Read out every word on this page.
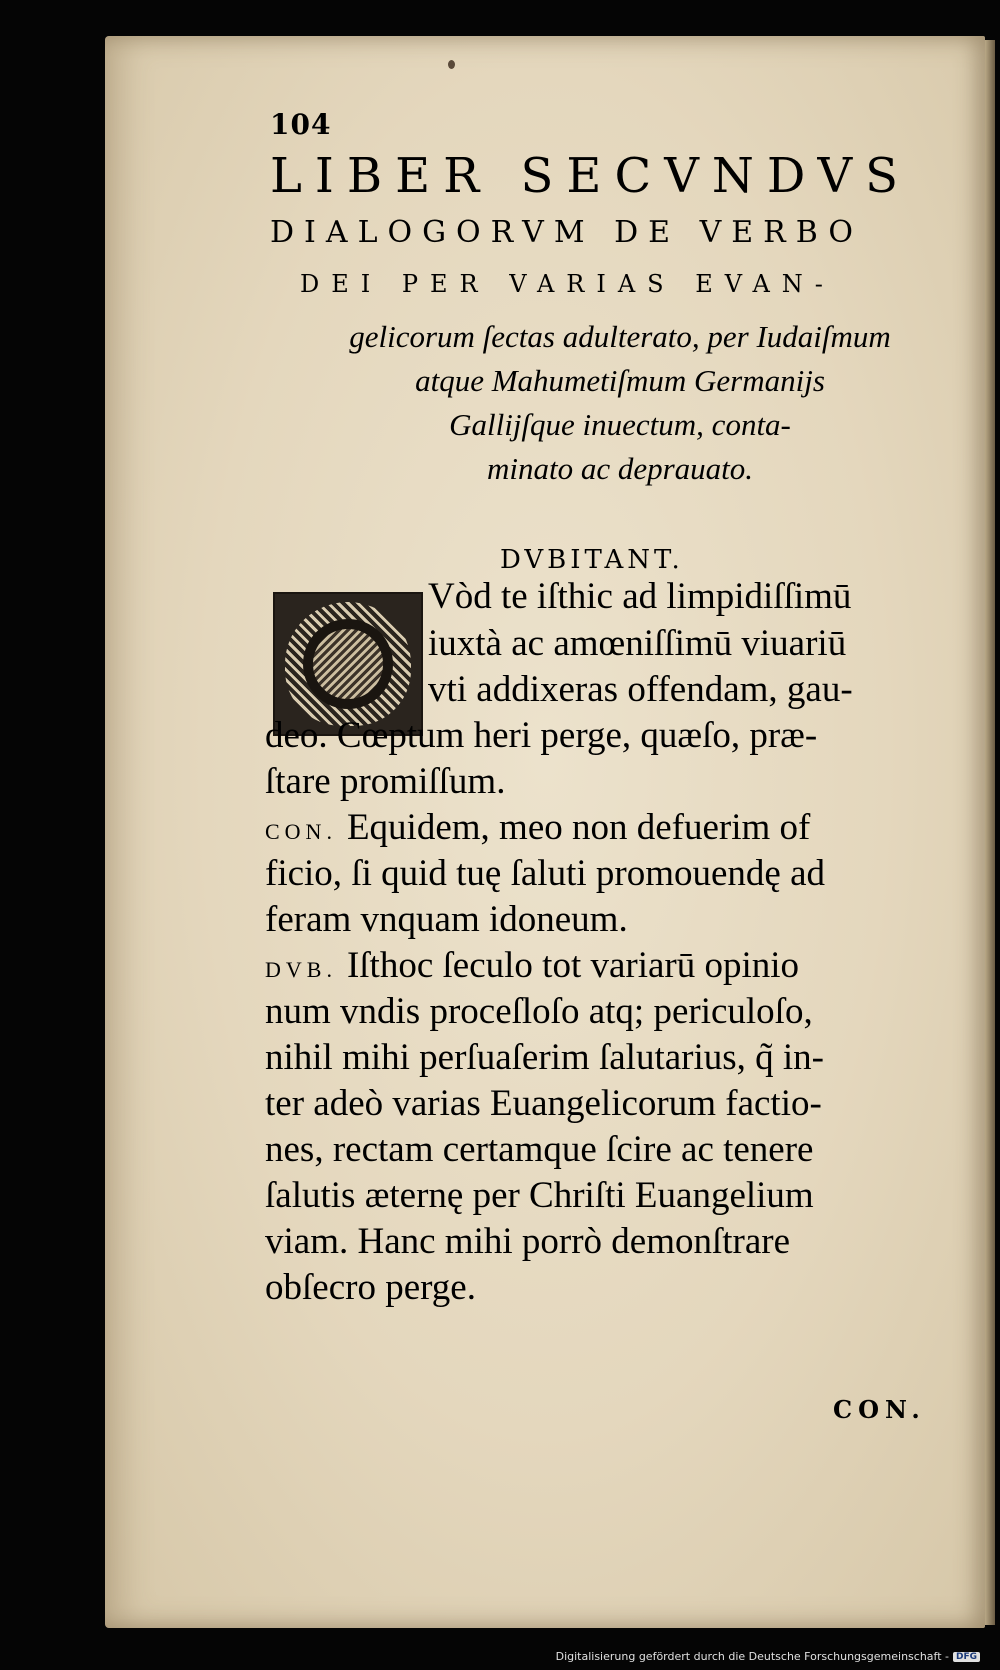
104
LIBER SECVNDVS
DIALOGORVM DE VERBO
DEI PER VARIAS EVAN-
gelicorum ſectas adulterato, per Iudaiſmum
atque Mahumetiſmum Germanijs
Gallijſque inuectum, conta-
minato ac deprauato.
DVBITANT.
Vòd te iſthic ad limpidiſſimū
iuxtà ac amœniſſimū viuariū
vti addixeras offendam, gau-
deo. Cœptum heri perge, quæſo, præ-
ſtare promiſſum.
CON. Equidem, meo non defuerim of
ficio, ſi quid tuę ſaluti promouendę ad
feram vnquam idoneum.
DVB. Iſthoc ſeculo tot variarū opinio
num vndis proceſloſo atq; periculoſo,
nihil mihi perſuaſerim ſalutarius, q̃ in-
ter adeò varias Euangelicorum factio-
nes, rectam certamque ſcire ac tenere
ſalutis æternę per Chriſti Euangelium
viam. Hanc mihi porrò demonſtrare
obſecro perge.
CON.
Digitalisierung gefördert durch die Deutsche Forschungsgemeinschaft - DFG
